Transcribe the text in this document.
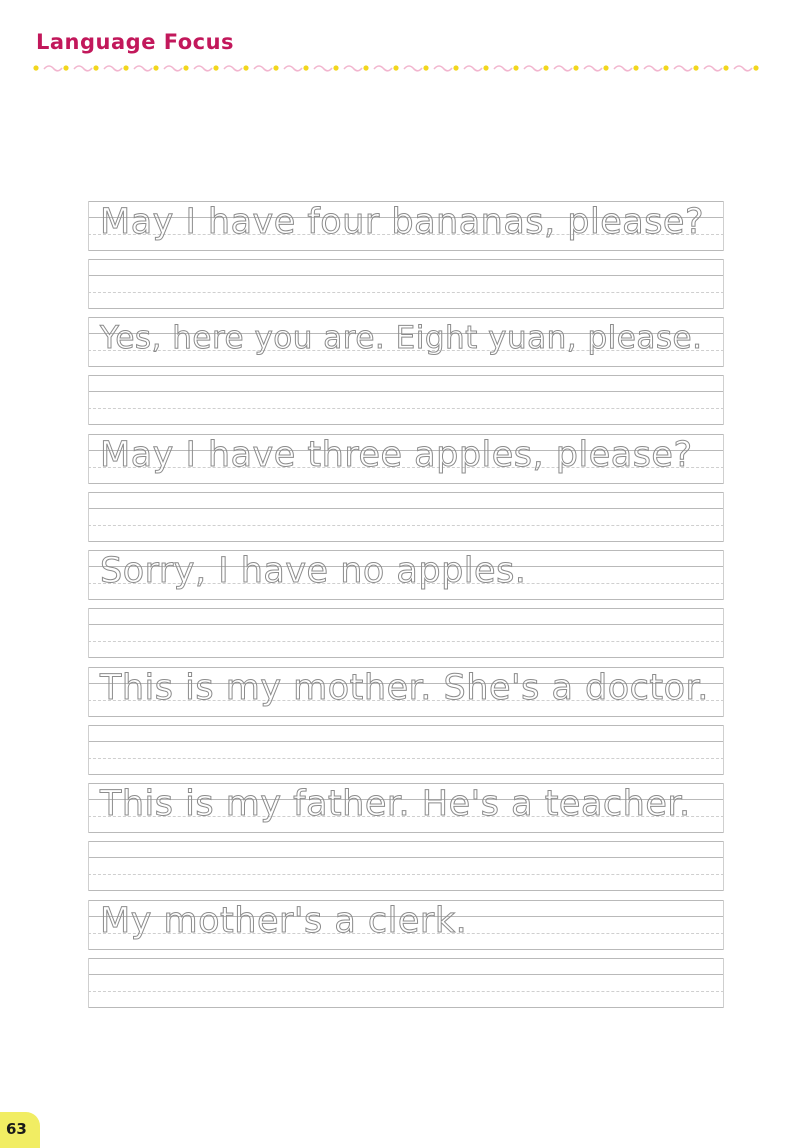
Language Focus
May I have four bananas, please?
Yes, here you are. Eight yuan, please.
May I have three apples, please?
Sorry, I have no apples.
This is my mother. She's a doctor.
This is my father. He's a teacher.
My mother's a clerk.
63
